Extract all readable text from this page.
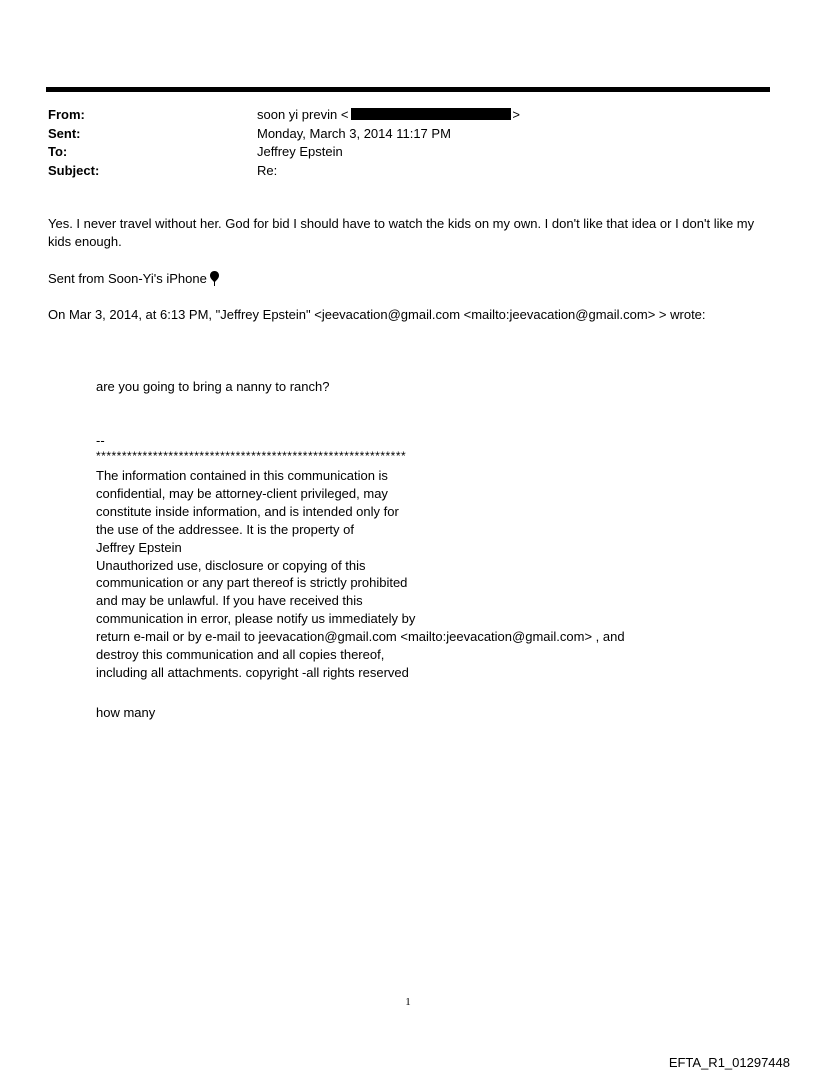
From:	soon yi previn <	>
Sent:	Monday, March 3, 2014 11:17 PM
To:	Jeffrey Epstein
Subject:	Re:

Yes. I never travel without her. God for bid I should have to watch the kids on my own. I don't like that idea or I don't like my kids enough.

Sent from Soon-Yi's iPhone
On Mar 3, 2014, at 6:13 PM, "Jeffrey Epstein" <jeevacation@gmail.com <mailto:jeevacation@gmail.com> > wrote:
are you going to bring a nanny to ranch?
--
************************************************************
The information contained in this communication is
confidential, may be attorney-client privileged, may
constitute inside information, and is intended only for
the use of the addressee. It is the property of
Jeffrey Epstein
Unauthorized use, disclosure or copying of this
communication or any part thereof is strictly prohibited
and may be unlawful. If you have received this
communication in error, please notify us immediately by
return e-mail or by e-mail to jeevacation@gmail.com <mailto:jeevacation@gmail.com> , and
destroy this communication and all copies thereof,
including all attachments. copyright -all rights reserved
how many
1
EFTA_R1_01297448
